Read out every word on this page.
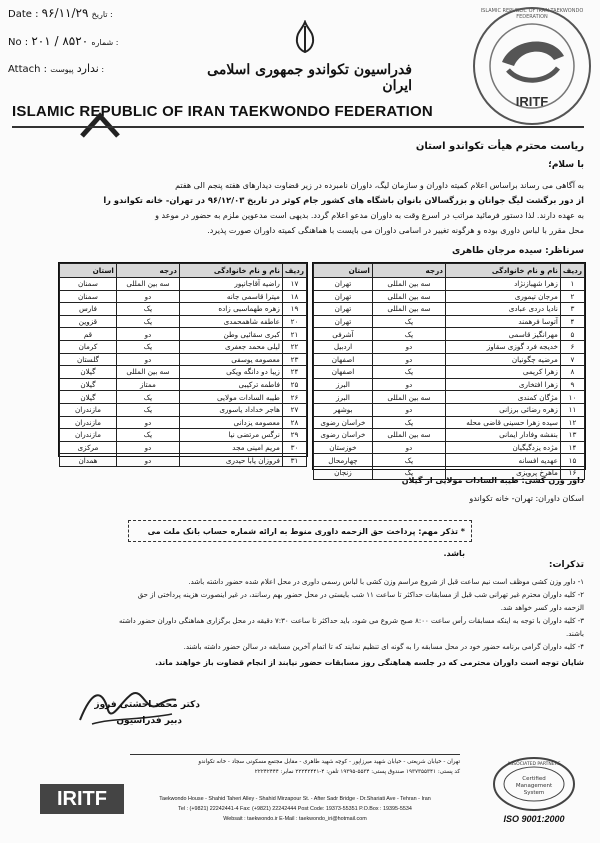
Date : ۹۶/۱۱/۲۹ تاریخ :
No : ۲۰۱ / ۸۵۲۰ شماره :
Attach :	ندارد پیوست :	فدراسیون تکواندو جمهوری اسلامی ایران
IRITF
ISLAMIC REPUBLIC OF IRAN TAEKWONDO FEDERATION
ISLAMIC REPUBLIC OF IRAN TAEKWONDO FEDERATION
ریاست محترم هیأت تکواندو استان
با سلام؛
به آگاهی می رساند براساس اعلام کمیته داوران و سازمان لیگ، داوران نامبرده در زیر قضاوت دیدارهای هفته پنجم الی هفتم
از دور برگشت لیگ جوانان و بزرگسالان بانوان باشگاه های کشور جام کوثر در تاریخ ۹۶/۱۲/۰۳ در تهران- خانه تکواندو را
به عهده دارند. لذا دستور فرمائید مراتب در اسرع وقت به داوران مدعو اعلام گردد. بدیهی است مدعوین ملزم به حضور در موعد و
محل مقرر با لباس داوری بوده و هرگونه تغییر در اسامی داوران می بایست با هماهنگی کمیته داوران صورت پذیرد.
سرناظر: سیده مرجان طاهری
ردیف	نام و نام خانوادگی	درجه	استان
۱	زهرا شهبازنژاد	سه بین المللی	تهران
۲	مرجان تیموری	سه بین المللی	تهران
۳	نادیا دردی عبادی	سه بین المللی	تهران
۴	آتوسا فرهمند	یک	تهران
۵	مهرانگیز قاسمی	یک	آشرفی
۶	خدیجه فرد گوزی سقاوز	دو	اردبیل
۷	مرضیه چگونیان	دو	اصفهان
۸	زهرا کریمی	یک	اصفهان
۹	زهرا افتخاری	دو	البرز
۱۰	مژگان کمندی	سه بین المللی	البرز
۱۱	زهره رضائی برزانی	دو	بوشهر
۱۲	سیده زهرا حسینی قاضی محله	یک	خراسان رضوی
۱۳	بنفشه وفادار ایمانی	سه بین المللی	خراسان رضوی
۱۴	مژده یزدگیگیان	دو	خوزستان
۱۵	عهدیه افسانه	یک	چهارمحال
۱۶	ماهرخ پرویزی	یک	زنجان
ردیف	نام و نام خانوادگی	درجه	استان
۱۷	راضیه آقاجانپور	سه بین المللی	سمنان
۱۸	میترا قاسمی جانه	دو	سمنان
۱۹	زهره طهماسبی زاده	یک	فارس
۲۰	عاطفه شاهمحمدی	یک	قزوین
۲۱	کبری سقائیی وطن	دو	قم
۲۲	لیلی محمد جعفری	یک	کرمان
۲۳	معصومه یوسفی	دو	گلستان
۲۴	زیبا دو دانگه ویکی	سه بین المللی	گیلان
۲۵	فاطمه ترکیبی	ممتاز	گیلان
۲۶	طیبه السادات مولایی	یک	گیلان
۲۷	هاجر خداداد یاسوری	یک	مازندران
۲۸	معصومه یزدانی	دو	مازندران
۲۹	نرگس مرتضی نیا	یک	مازندران
۳۰	مریم امینی مجد	دو	مرکزی
۳۱	فروزان یابا حیدری	دو	همدان
داور وزن کشی: طیبه السادات مولایی از گیلان
اسکان داوران: تهران- خانه تکواندو
* تذکر مهم: پرداخت حق الزحمه داوری منوط به ارائه شماره حساب بانک ملت می باشد.
تذکرات:
۱- داور وزن کشی موظف است نیم ساعت قبل از شروع مراسم وزن کشی با لباس رسمی داوری در محل اعلام شده حضور داشته باشد.
۲- کلیه داوران محترم غیر تهرانی شب قبل از مسابقات حداکثر تا ساعت ۱۱ شب بایستی در محل حضور بهم رسانند، در غیر اینصورت هزینه پرداختی از حق
الزحمه داور کسر خواهد شد.
۳- کلیه داوران با توجه به اینکه مسابقات رأس ساعت ۸:۰۰ صبح شروع می شود، باید حداکثر تا ساعت ۷:۳۰ دقیقه در محل برگزاری هماهنگی داوران حضور داشته
باشند.
۴- کلیه داوران گرامی برنامه حضور خود در محل مسابقه را به گونه ای تنظیم نمایند که تا اتمام آخرین مسابقه در سالن حضور داشته باشند.
شایان توجه است داوران محترمی که در جلسه هماهنگی روز مسابقات حضور نیابند از انجام قضاوت باز خواهند ماند.
دکتر محمد احشتی فروز
دبیر فدراسیون
تهران - خیابان شریعتی - خیابان شهید میرزاپور - کوچه شهید طاهری - مقابل مجتمع مسکونی سجاد - خانه تکواندو
کد پستی: ۱۹۳۷۳۵۵۳۴۱ صندوق پستی: ۵۵۳۴-۱۹۳۹۵ تلفن: ۴-۲۲۲۴۲۴۴۱ نمابر: ۲۲۲۴۲۴۴۴
Taekwondo House - Shahid Taheri Alley - Shahid Mirzapour St. - After Sadr Bridge - Dr.Shariati Ave - Tehran - Iran
Tel : (+9821) 22242441-4 Fax: (+9821) 22242444 Post Code: 19373-55351 P.O.Box : 19395-5534
Websait : taekwondo.ir E-Mail : taekwondo_iri@hotmail.com
IRITF
ASSOCIATED PARTNERS
Certified Management System
ISO 9001:2000
